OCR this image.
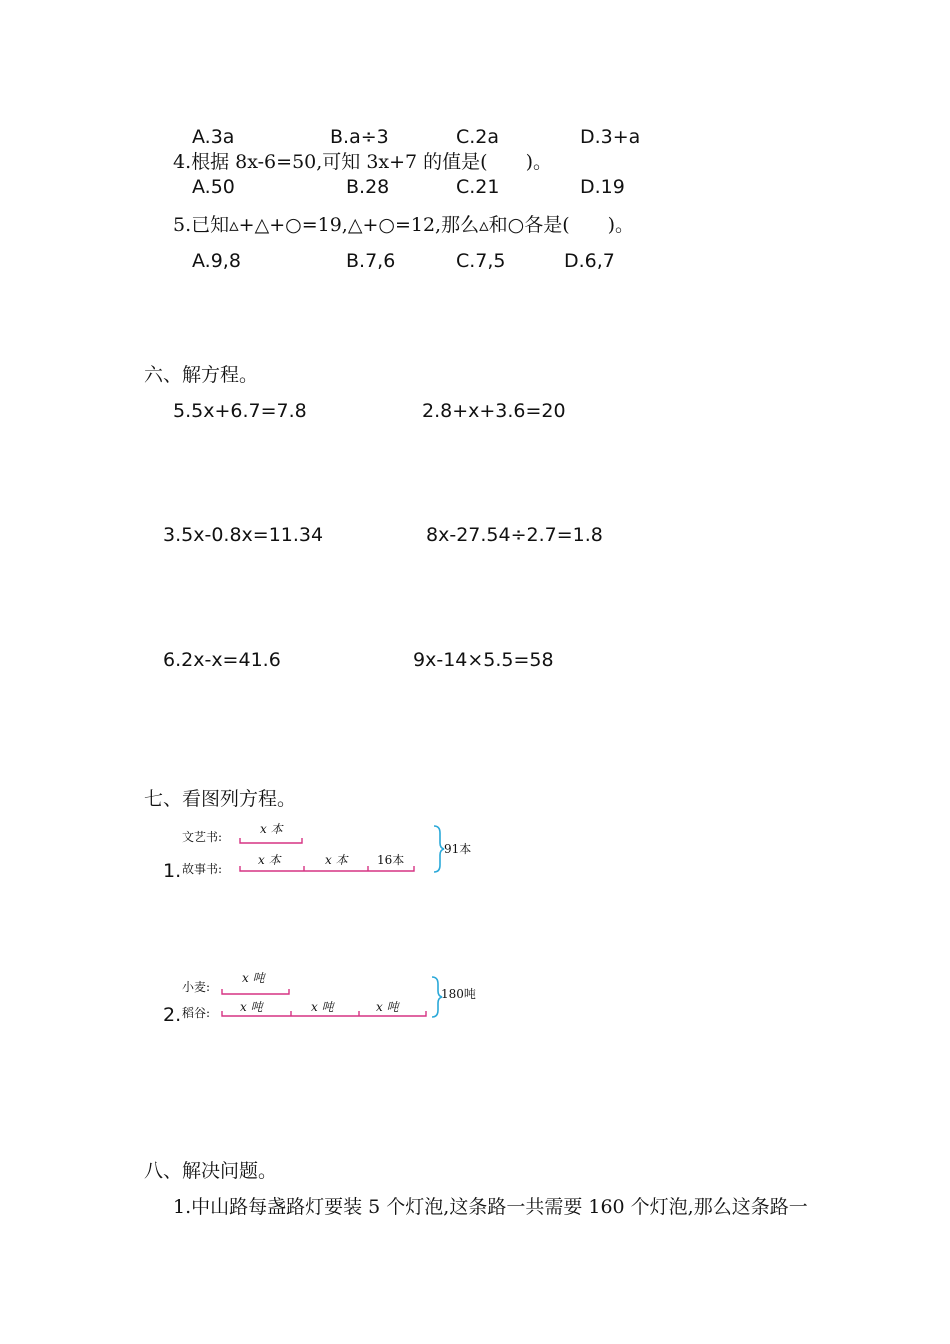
A.3a	B.a÷3	C.2a	D.3+a
4.根据 8x-6=50,可知 3x+7 的值是(　　)。
A.50	B.28	C.21	D.19
5.已知▵+△+○=19,△+○=12,那么▵和○各是(　　)。
A.9,8	B.7,6	C.7,5	D.6,7
六、解方程。
5.5x+6.7=7.8	2.8+x+3.6=20
3.5x-0.8x=11.34	8x-27.54÷2.7=1.8
6.2x-x=41.6	9x-14×5.5=58
七、看图列方程。
1.
文艺书:
故事书:
x 本
x 本	x 本 16本
91本
2.
小麦:
稻谷:
x 吨
x 吨	x 吨	x 吨
180吨
八、解决问题。
1.中山路每盏路灯要装 5 个灯泡,这条路一共需要 160 个灯泡,那么这条路一
